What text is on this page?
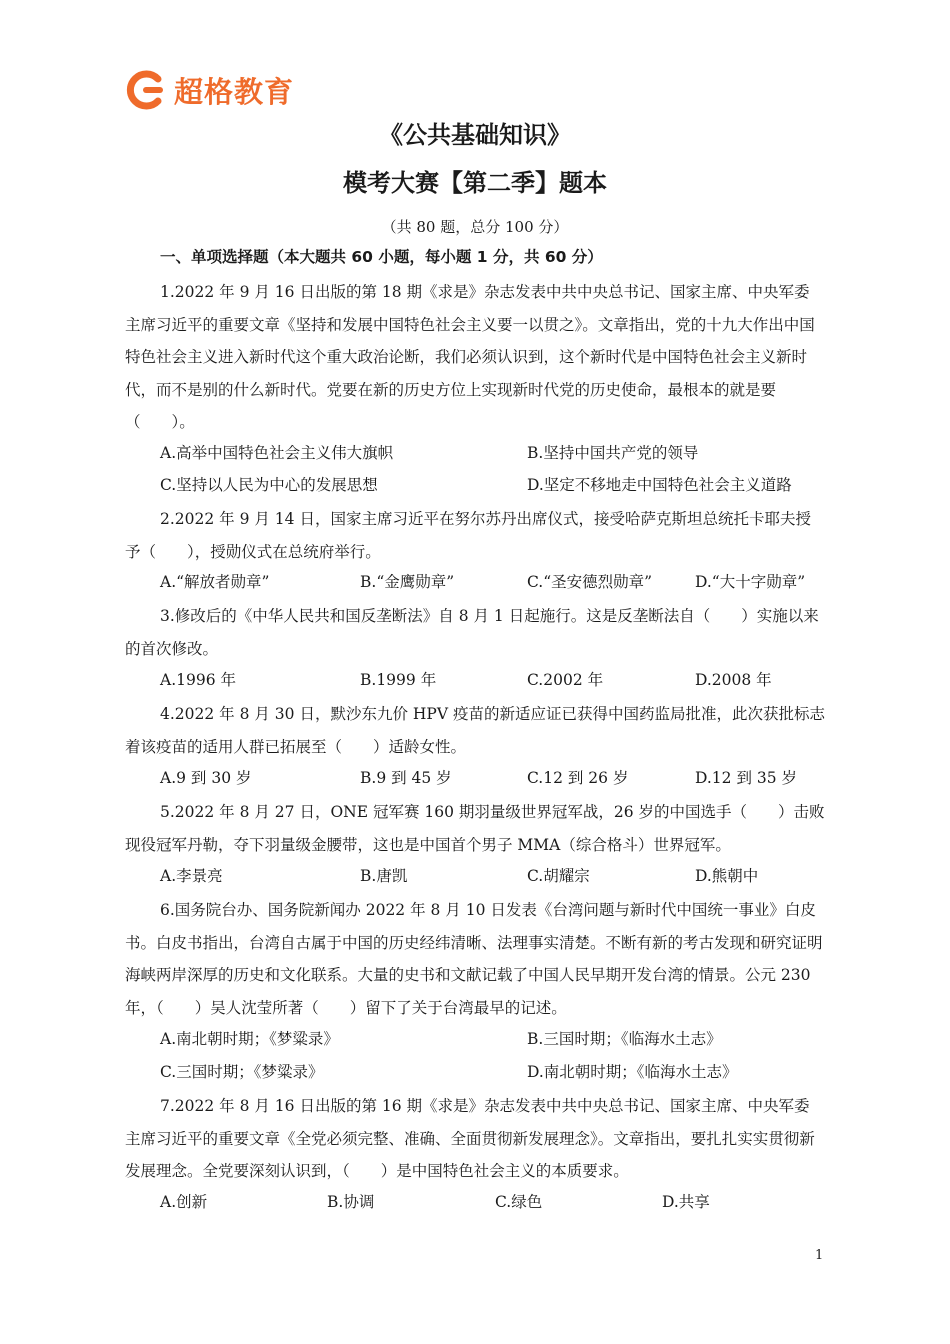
超格教育
《公共基础知识》
模考大赛【第二季】题本
（共 80 题，总分 100 分）
一、单项选择题（本大题共 60 小题，每小题 1 分，共 60 分）

1.2022 年 9 月 16 日出版的第 18 期《求是》杂志发表中共中央总书记、国家主席、中央军委主席习近平的重要文章《坚持和发展中国特色社会主义要一以贯之》。文章指出，党的十九大作出中国特色社会主义进入新时代这个重大政治论断，我们必须认识到，这个新时代是中国特色社会主义新时代，而不是别的什么新时代。党要在新的历史方位上实现新时代党的历史使命，最根本的就是要（　　）。

A.高举中国特色社会主义伟大旗帜	B.坚持中国共产党的领导
C.坚持以人民为中心的发展思想	D.坚定不移地走中国特色社会主义道路

2.2022 年 9 月 14 日，国家主席习近平在努尔苏丹出席仪式，接受哈萨克斯坦总统托卡耶夫授予（　　），授勋仪式在总统府举行。

A.“解放者勋章”	B.“金鹰勋章”	C.“圣安德烈勋章”	D.“大十字勋章”

3.修改后的《中华人民共和国反垄断法》自 8 月 1 日起施行。这是反垄断法自（　　）实施以来的首次修改。

A.1996 年	B.1999 年	C.2002 年	D.2008 年

4.2022 年 8 月 30 日，默沙东九价 HPV 疫苗的新适应证已获得中国药监局批准，此次获批标志着该疫苗的适用人群已拓展至（　　）适龄女性。

A.9 到 30 岁	B.9 到 45 岁	C.12 到 26 岁	D.12 到 35 岁

5.2022 年 8 月 27 日，ONE 冠军赛 160 期羽量级世界冠军战，26 岁的中国选手（　　）击败现役冠军丹勒，夺下羽量级金腰带，这也是中国首个男子 MMA（综合格斗）世界冠军。

A.李景亮	B.唐凯	C.胡耀宗	D.熊朝中

6.国务院台办、国务院新闻办 2022 年 8 月 10 日发表《台湾问题与新时代中国统一事业》白皮书。白皮书指出，台湾自古属于中国的历史经纬清晰、法理事实清楚。不断有新的考古发现和研究证明海峡两岸深厚的历史和文化联系。大量的史书和文献记载了中国人民早期开发台湾的情景。公元 230 年，（　　）吴人沈莹所著（　　）留下了关于台湾最早的记述。

A.南北朝时期；《梦粱录》	B.三国时期；《临海水土志》
C.三国时期；《梦粱录》	D.南北朝时期；《临海水土志》

7.2022 年 8 月 16 日出版的第 16 期《求是》杂志发表中共中央总书记、国家主席、中央军委主席习近平的重要文章《全党必须完整、准确、全面贯彻新发展理念》。文章指出，要扎扎实实贯彻新发展理念。全党要深刻认识到，（　　）是中国特色社会主义的本质要求。

A.创新	B.协调	C.绿色	D.共享
1
